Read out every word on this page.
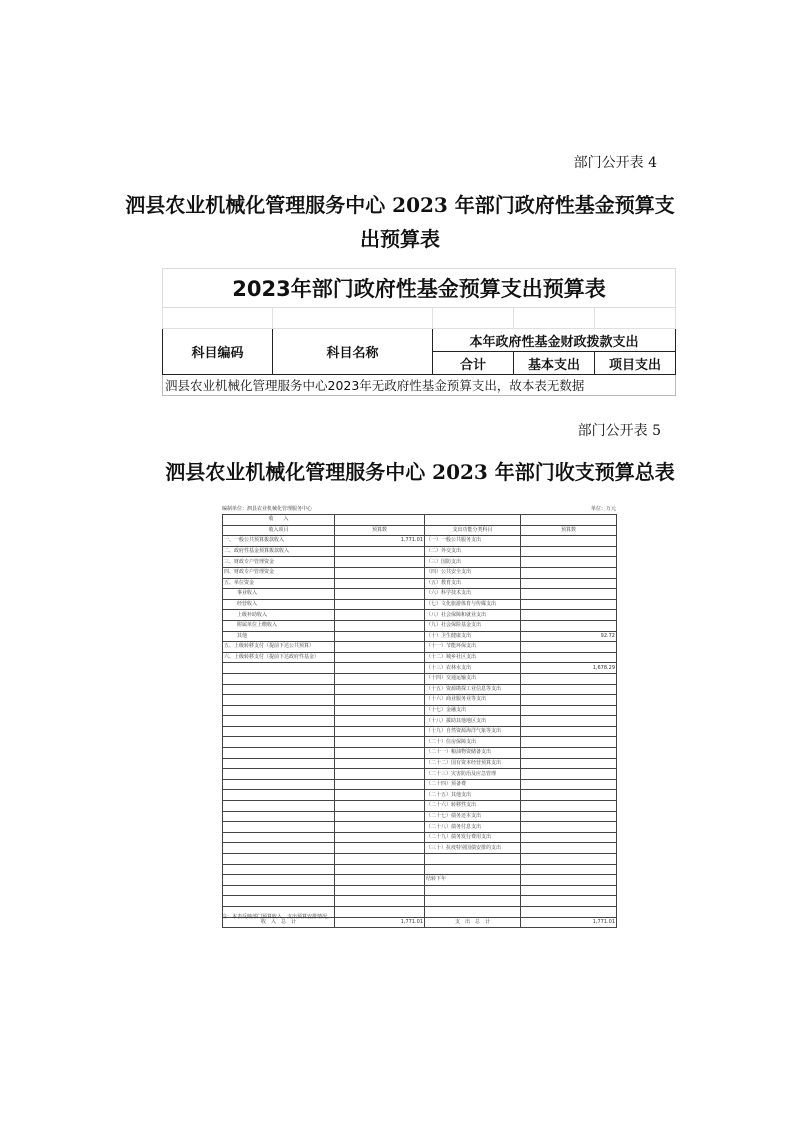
部门公开表 4
泗县农业机械化管理服务中心 2023 年部门政府性基金预算支出预算表
2023年部门政府性基金预算支出预算表				

科目编码	科目名称	本年政府性基金财政拨款支出		
		合计	基本支出	项目支出
泗县农业机械化管理服务中心2023年无政府性基金预算支出，故本表无数据				
部门公开表 5
泗县农业机械化管理服务中心 2023 年部门收支预算总表
编制单位：泗县农业机械化管理服务中心	单位：万元
收　　入			
收入项目	预算数	支出功能分类科目	预算数
一、一般公共预算拨款收入	1,771.01	（一）一般公共服务支出	
二、政府性基金预算拨款收入		（二）外交支出	
三、财政专户管理资金		（三）国防支出	
四、财政专户管理资金		（四）公共安全支出	
五、单位资金		（五）教育支出	
事业收入		（六）科学技术支出	
经营收入		（七）文化旅游体育与传媒支出	
上级补助收入		（八）社会保障和就业支出	
附属单位上缴收入		（九）社会保险基金支出	
其他		（十）卫生健康支出	92.72
五、上级转移支付（提前下达公共预算）		（十一）节能环保支出	
六、上级转移支付（提前下达政府性基金）		（十二）城乡社区支出	
		（十三）农林水支出	1,678.29
		（十四）交通运输支出	
		（十五）资源勘探工业信息等支出	
		（十六）商业服务业等支出	
		（十七）金融支出	
		（十八）援助其他地区支出	
		（十九）自然资源海洋气象等支出	
		（二十）住房保障支出	
		（二十一）粮油物资储备支出	
		（二十二）国有资本经营预算支出	
		（二十三）灾害防治及应急管理	
		（二十四）预备费	
		（二十五）其他支出	
		（二十六）转移性支出	
		（二十七）债务还本支出	
		（二十八）债务付息支出	
		（二十九）债务发行费用支出	
		（三十）抗疫特别国债安排的支出	

		结转下年	

收　入　总　计	1,771.01	支　出　总　计	1,771.01
注：本表反映部门预算收入、支出预算安排情况。
